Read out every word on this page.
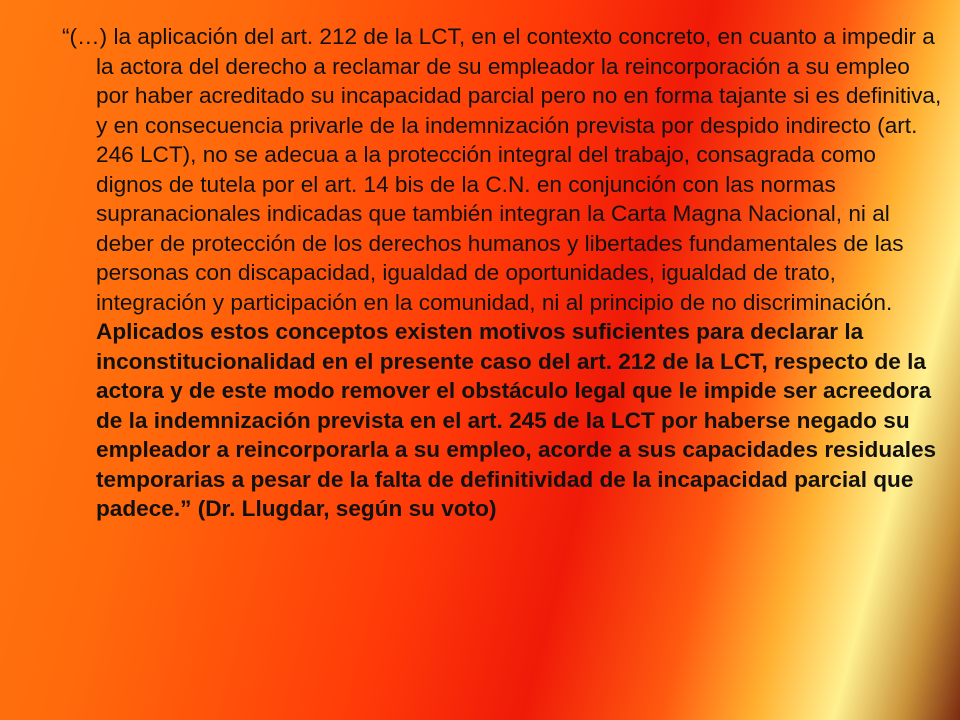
“(…) la aplicación del art. 212 de la LCT, en el contexto concreto, en cuanto a impedir a la actora del derecho a reclamar de su empleador la reincorporación a su empleo por haber acreditado su incapacidad parcial pero no en forma tajante si es definitiva, y en consecuencia privarle de la indemnización prevista por despido indirecto (art. 246 LCT), no se adecua a la protección integral del trabajo, consagrada como dignos de tutela por el art. 14 bis de la C.N. en conjunción con las normas supranacionales indicadas que también integran la Carta Magna Nacional, ni al deber de protección de los derechos humanos y libertades fundamentales de las personas con discapacidad, igualdad de oportunidades, igualdad de trato, integración y participación en la comunidad, ni al principio de no discriminación. Aplicados estos conceptos existen motivos suficientes para declarar la inconstitucionalidad en el presente caso del art. 212 de la LCT, respecto de la actora y de este modo remover el obstáculo legal que le impide ser acreedora de la indemnización prevista en el art. 245 de la LCT por haberse negado su empleador a reincorporarla a su empleo, acorde a sus capacidades residuales temporarias a pesar de la falta de definitividad de la incapacidad parcial que padece.” (Dr. Llugdar, según su voto)
